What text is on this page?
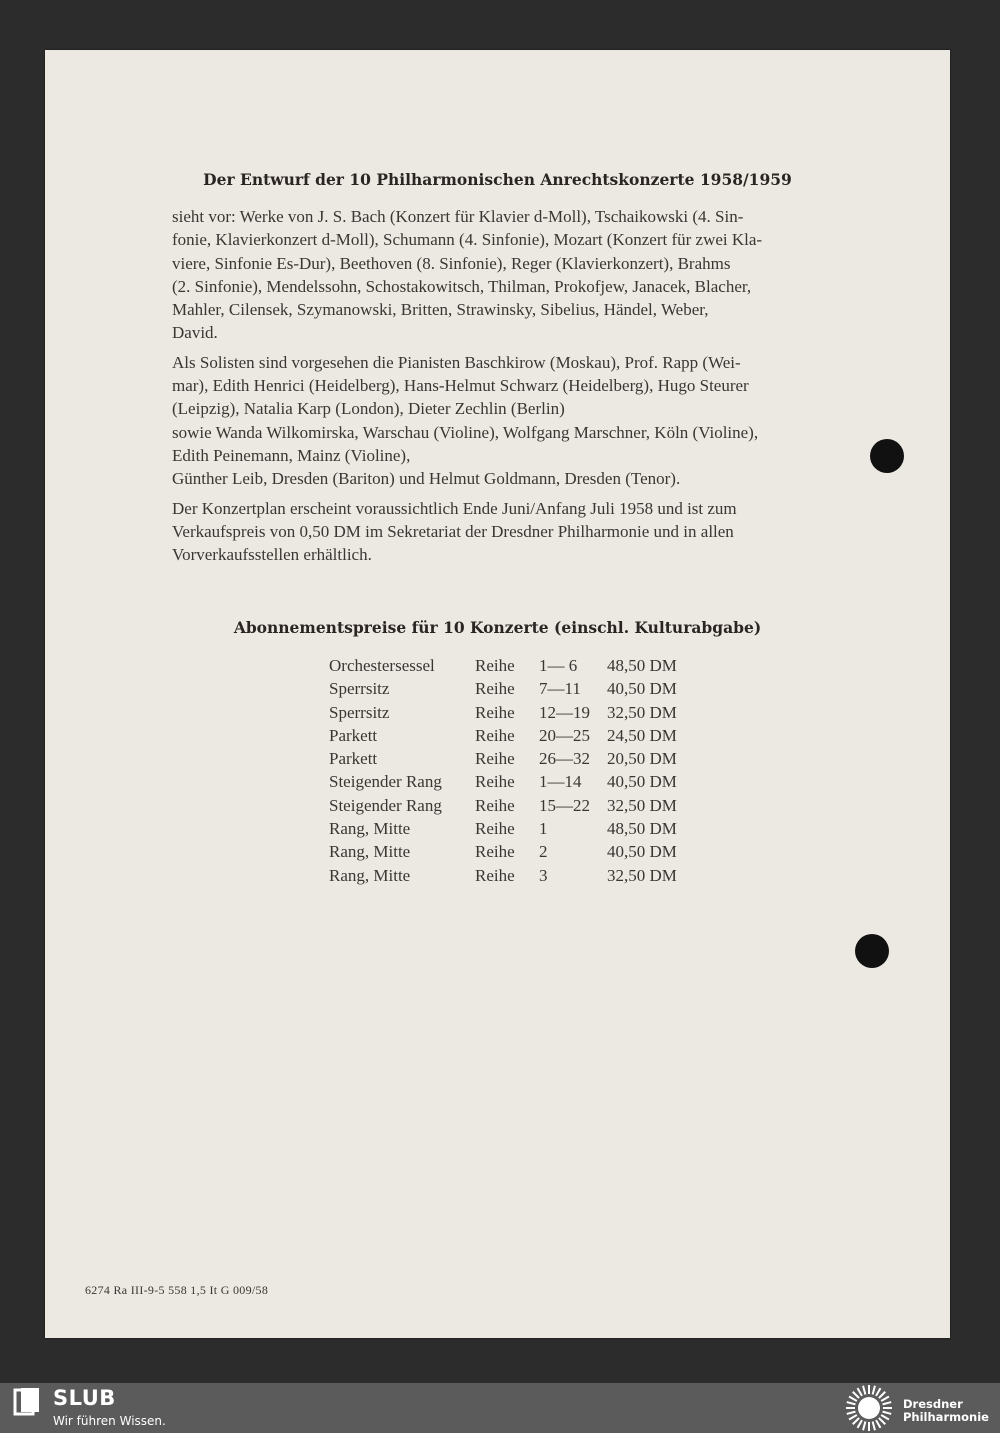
Der Entwurf der 10 Philharmonischen Anrechtskonzerte 1958/1959

sieht vor: Werke von J. S. Bach (Konzert für Klavier d-Moll), Tschaikowski (4. Sin-
fonie, Klavierkonzert d-Moll), Schumann (4. Sinfonie), Mozart (Konzert für zwei Kla-
viere, Sinfonie Es-Dur), Beethoven (8. Sinfonie), Reger (Klavierkonzert), Brahms
(2. Sinfonie), Mendelssohn, Schostakowitsch, Thilman, Prokofjew, Janacek, Blacher,
Mahler, Cilensek, Szymanowski, Britten, Strawinsky, Sibelius, Händel, Weber,
David.

Als Solisten sind vorgesehen die Pianisten Baschkirow (Moskau), Prof. Rapp (Wei-
mar), Edith Henrici (Heidelberg), Hans-Helmut Schwarz (Heidelberg), Hugo Steurer
(Leipzig), Natalia Karp (London), Dieter Zechlin (Berlin)
sowie Wanda Wilkomirska, Warschau (Violine), Wolfgang Marschner, Köln (Violine),
Edith Peinemann, Mainz (Violine),
Günther Leib, Dresden (Bariton) und Helmut Goldmann, Dresden (Tenor).

Der Konzertplan erscheint voraussichtlich Ende Juni/Anfang Juli 1958 und ist zum
Verkaufspreis von 0,50 DM im Sekretariat der Dresdner Philharmonie und in allen
Vorverkaufsstellen erhältlich.

Abonnementspreise für 10 Konzerte (einschl. Kulturabgabe)
Orchestersessel	Reihe	1— 6	48,50 DM
Sperrsitz	Reihe	7—11	40,50 DM
Sperrsitz	Reihe	12—19	32,50 DM
Parkett	Reihe	20—25	24,50 DM
Parkett	Reihe	26—32	20,50 DM
Steigender Rang	Reihe	1—14	40,50 DM
Steigender Rang	Reihe	15—22	32,50 DM
Rang, Mitte	Reihe	1	48,50 DM
Rang, Mitte	Reihe	2	40,50 DM
Rang, Mitte	Reihe	3	32,50 DM
6274 Ra III-9-5 558 1,5 It G 009/58
SLUB
Wir führen Wissen.
Dresdner
Philharmonie
